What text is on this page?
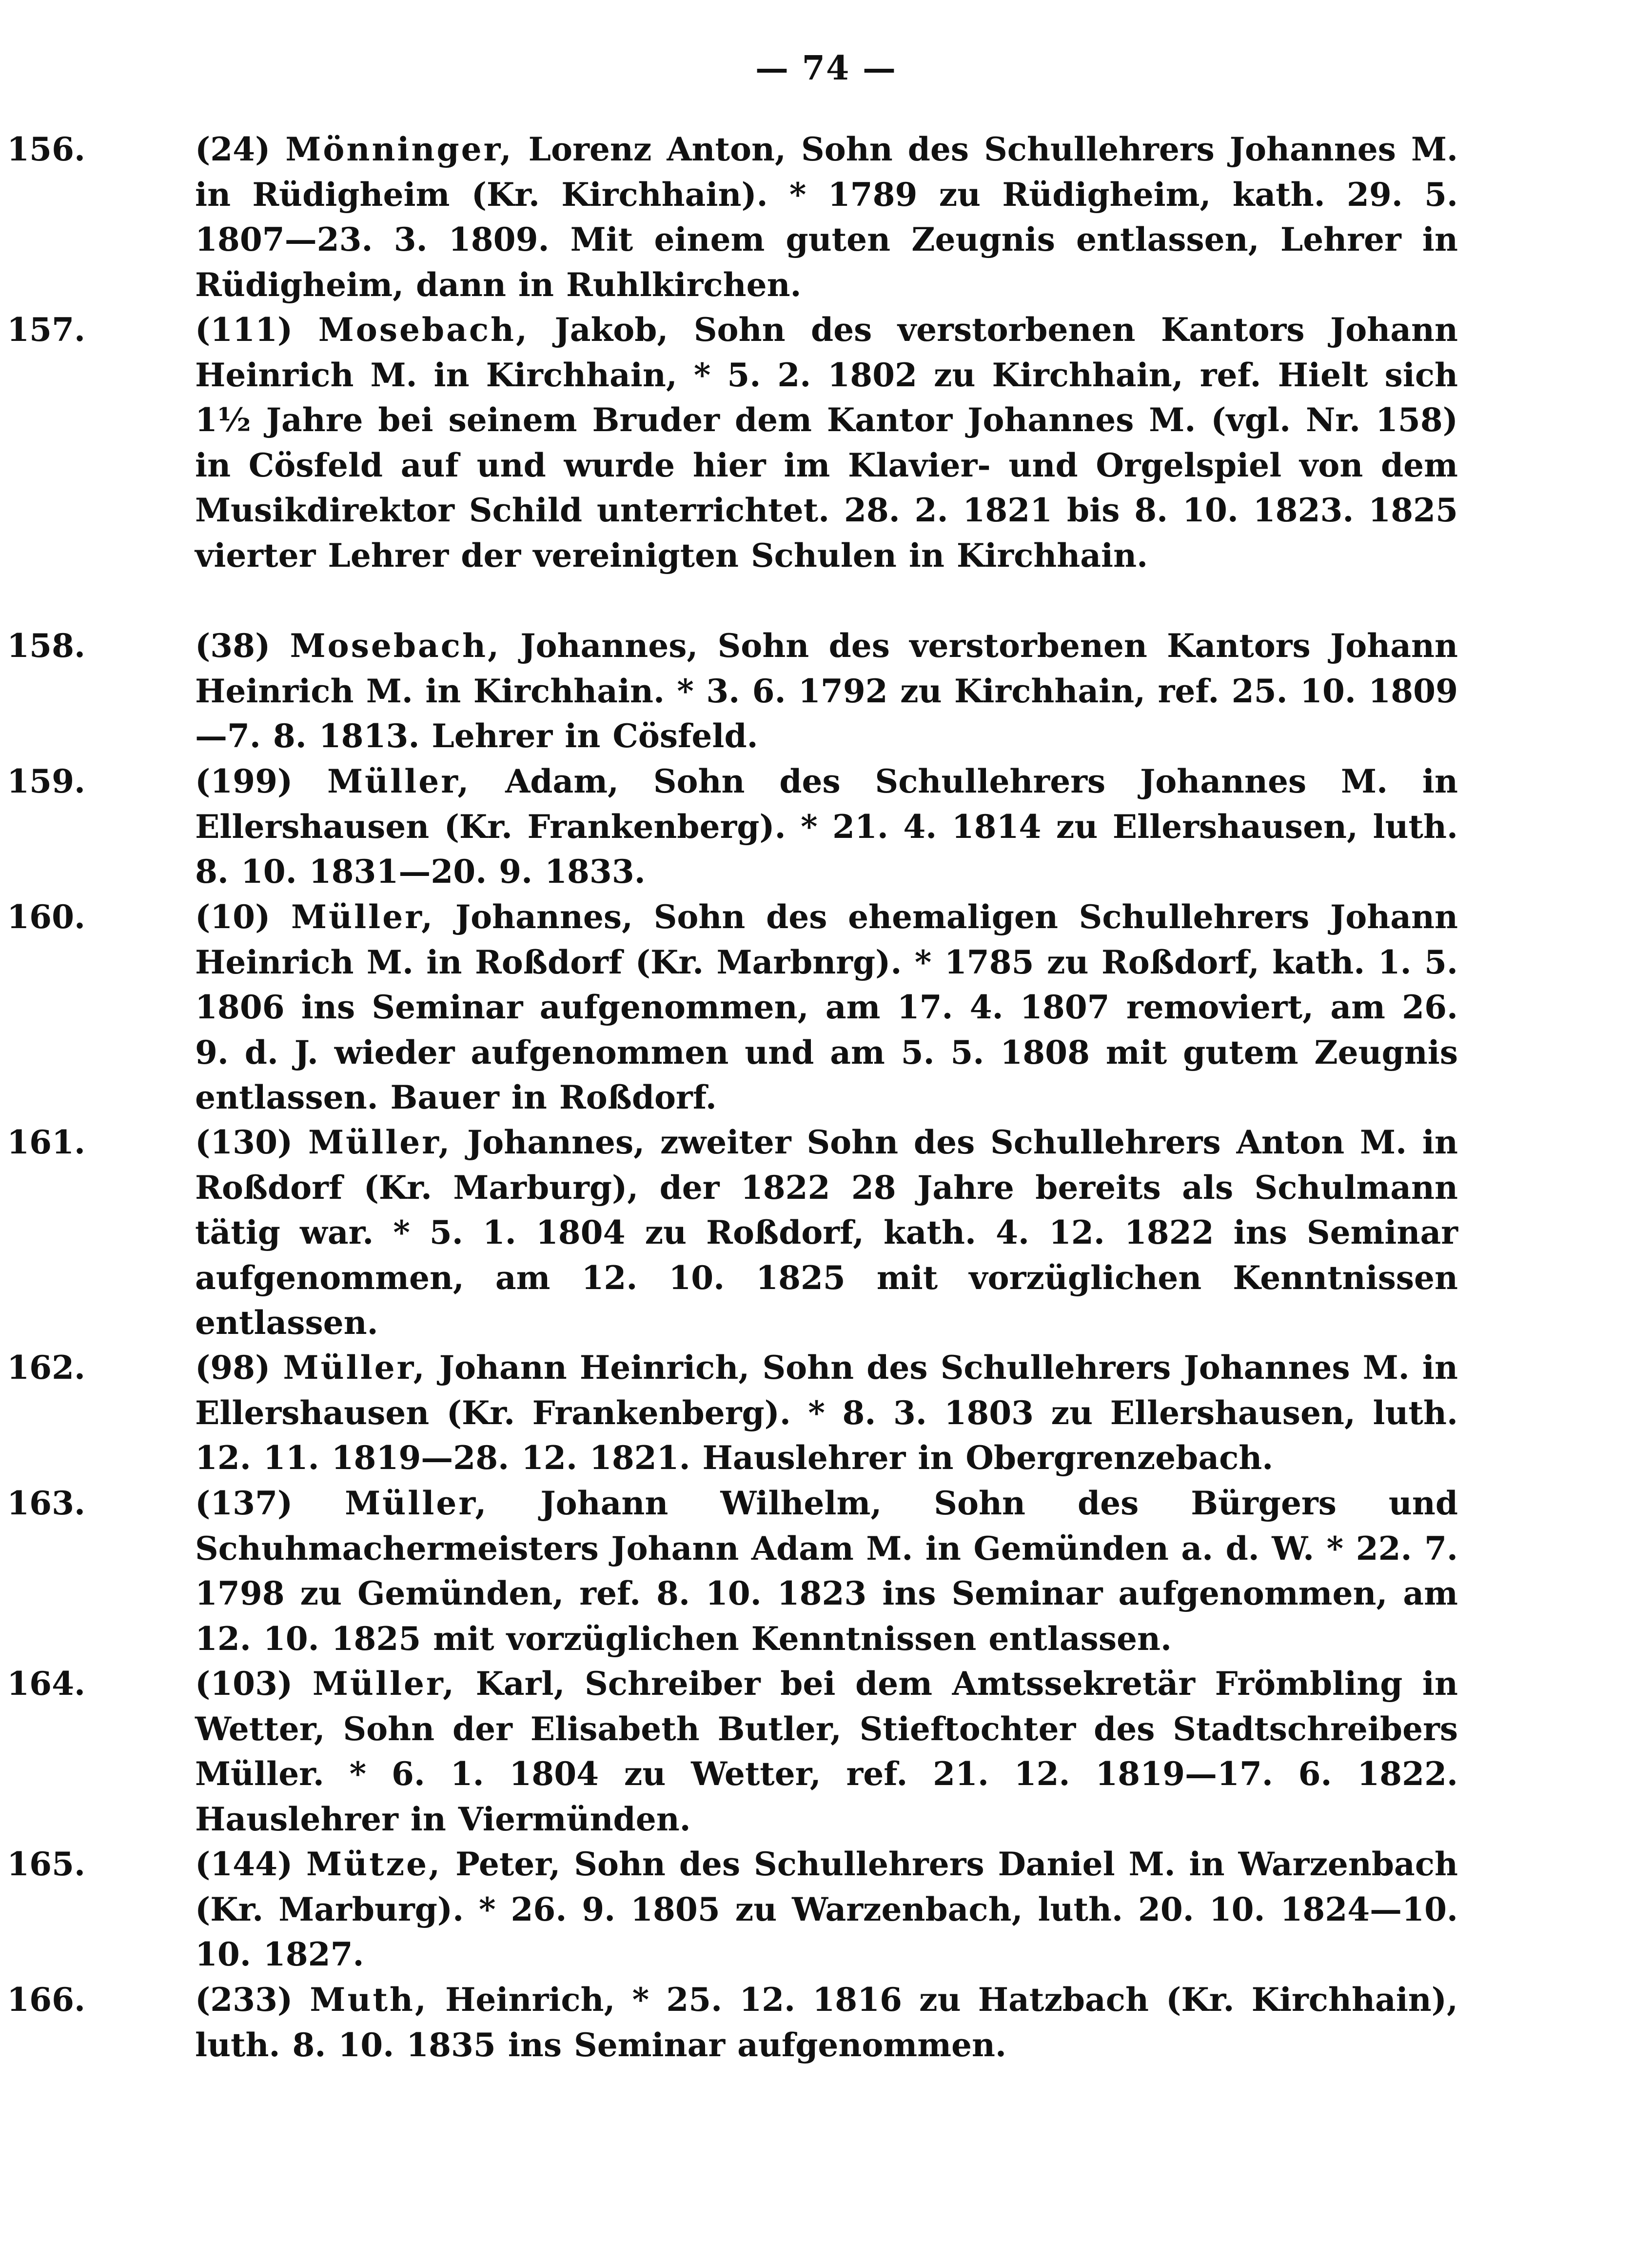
— 74 —
156.	(24) Mönninger, Lorenz Anton, Sohn des Schullehrers Johannes M. in Rüdigheim (Kr. Kirchhain). * 1789 zu Rüdigheim, kath. 29. 5. 1807—23. 3. 1809. Mit einem guten Zeugnis entlassen, Lehrer in Rüdigheim, dann in Ruhlkirchen.
157.	(111) Mosebach, Jakob, Sohn des verstorbenen Kantors Johann Heinrich M. in Kirchhain, * 5. 2. 1802 zu Kirchhain, ref. Hielt sich 1½ Jahre bei seinem Bruder dem Kantor Johannes M. (vgl. Nr. 158) in Cösfeld auf und wurde hier im Klavier- und Orgelspiel von dem Musikdirektor Schild unterrichtet. 28. 2. 1821 bis 8. 10. 1823. 1825 vierter Lehrer der vereinigten Schulen in Kirchhain.
158.	(38) Mosebach, Johannes, Sohn des verstorbenen Kantors Johann Heinrich M. in Kirchhain. * 3. 6. 1792 zu Kirchhain, ref. 25. 10. 1809—7. 8. 1813. Lehrer in Cösfeld.
159.	(199) Müller, Adam, Sohn des Schullehrers Johannes M. in Ellershausen (Kr. Frankenberg). * 21. 4. 1814 zu Ellershausen, luth. 8. 10. 1831—20. 9. 1833.
160.	(10) Müller, Johannes, Sohn des ehemaligen Schullehrers Johann Heinrich M. in Roßdorf (Kr. Marbnrg). * 1785 zu Roßdorf, kath. 1. 5. 1806 ins Seminar aufgenommen, am 17. 4. 1807 removiert, am 26. 9. d. J. wieder aufgenommen und am 5. 5. 1808 mit gutem Zeugnis entlassen. Bauer in Roßdorf.
161.	(130) Müller, Johannes, zweiter Sohn des Schullehrers Anton M. in Roßdorf (Kr. Marburg), der 1822 28 Jahre bereits als Schulmann tätig war. * 5. 1. 1804 zu Roßdorf, kath. 4. 12. 1822 ins Seminar aufgenommen, am 12. 10. 1825 mit vorzüglichen Kenntnissen entlassen.
162.	(98) Müller, Johann Heinrich, Sohn des Schullehrers Johannes M. in Ellershausen (Kr. Frankenberg). * 8. 3. 1803 zu Ellershausen, luth. 12. 11. 1819—28. 12. 1821. Hauslehrer in Obergrenzebach.
163.	(137) Müller, Johann Wilhelm, Sohn des Bürgers und Schuhmachermeisters Johann Adam M. in Gemünden a. d. W. * 22. 7. 1798 zu Gemünden, ref. 8. 10. 1823 ins Seminar aufgenommen, am 12. 10. 1825 mit vorzüglichen Kenntnissen entlassen.
164.	(103) Müller, Karl, Schreiber bei dem Amtssekretär Frömbling in Wetter, Sohn der Elisabeth Butler, Stieftochter des Stadtschreibers Müller. * 6. 1. 1804 zu Wetter, ref. 21. 12. 1819—17. 6. 1822. Hauslehrer in Viermünden.
165.	(144) Mütze, Peter, Sohn des Schullehrers Daniel M. in Warzenbach (Kr. Marburg). * 26. 9. 1805 zu Warzenbach, luth. 20. 10. 1824—10. 10. 1827.
166.	(233) Muth, Heinrich, * 25. 12. 1816 zu Hatzbach (Kr. Kirchhain), luth. 8. 10. 1835 ins Seminar aufgenommen.
